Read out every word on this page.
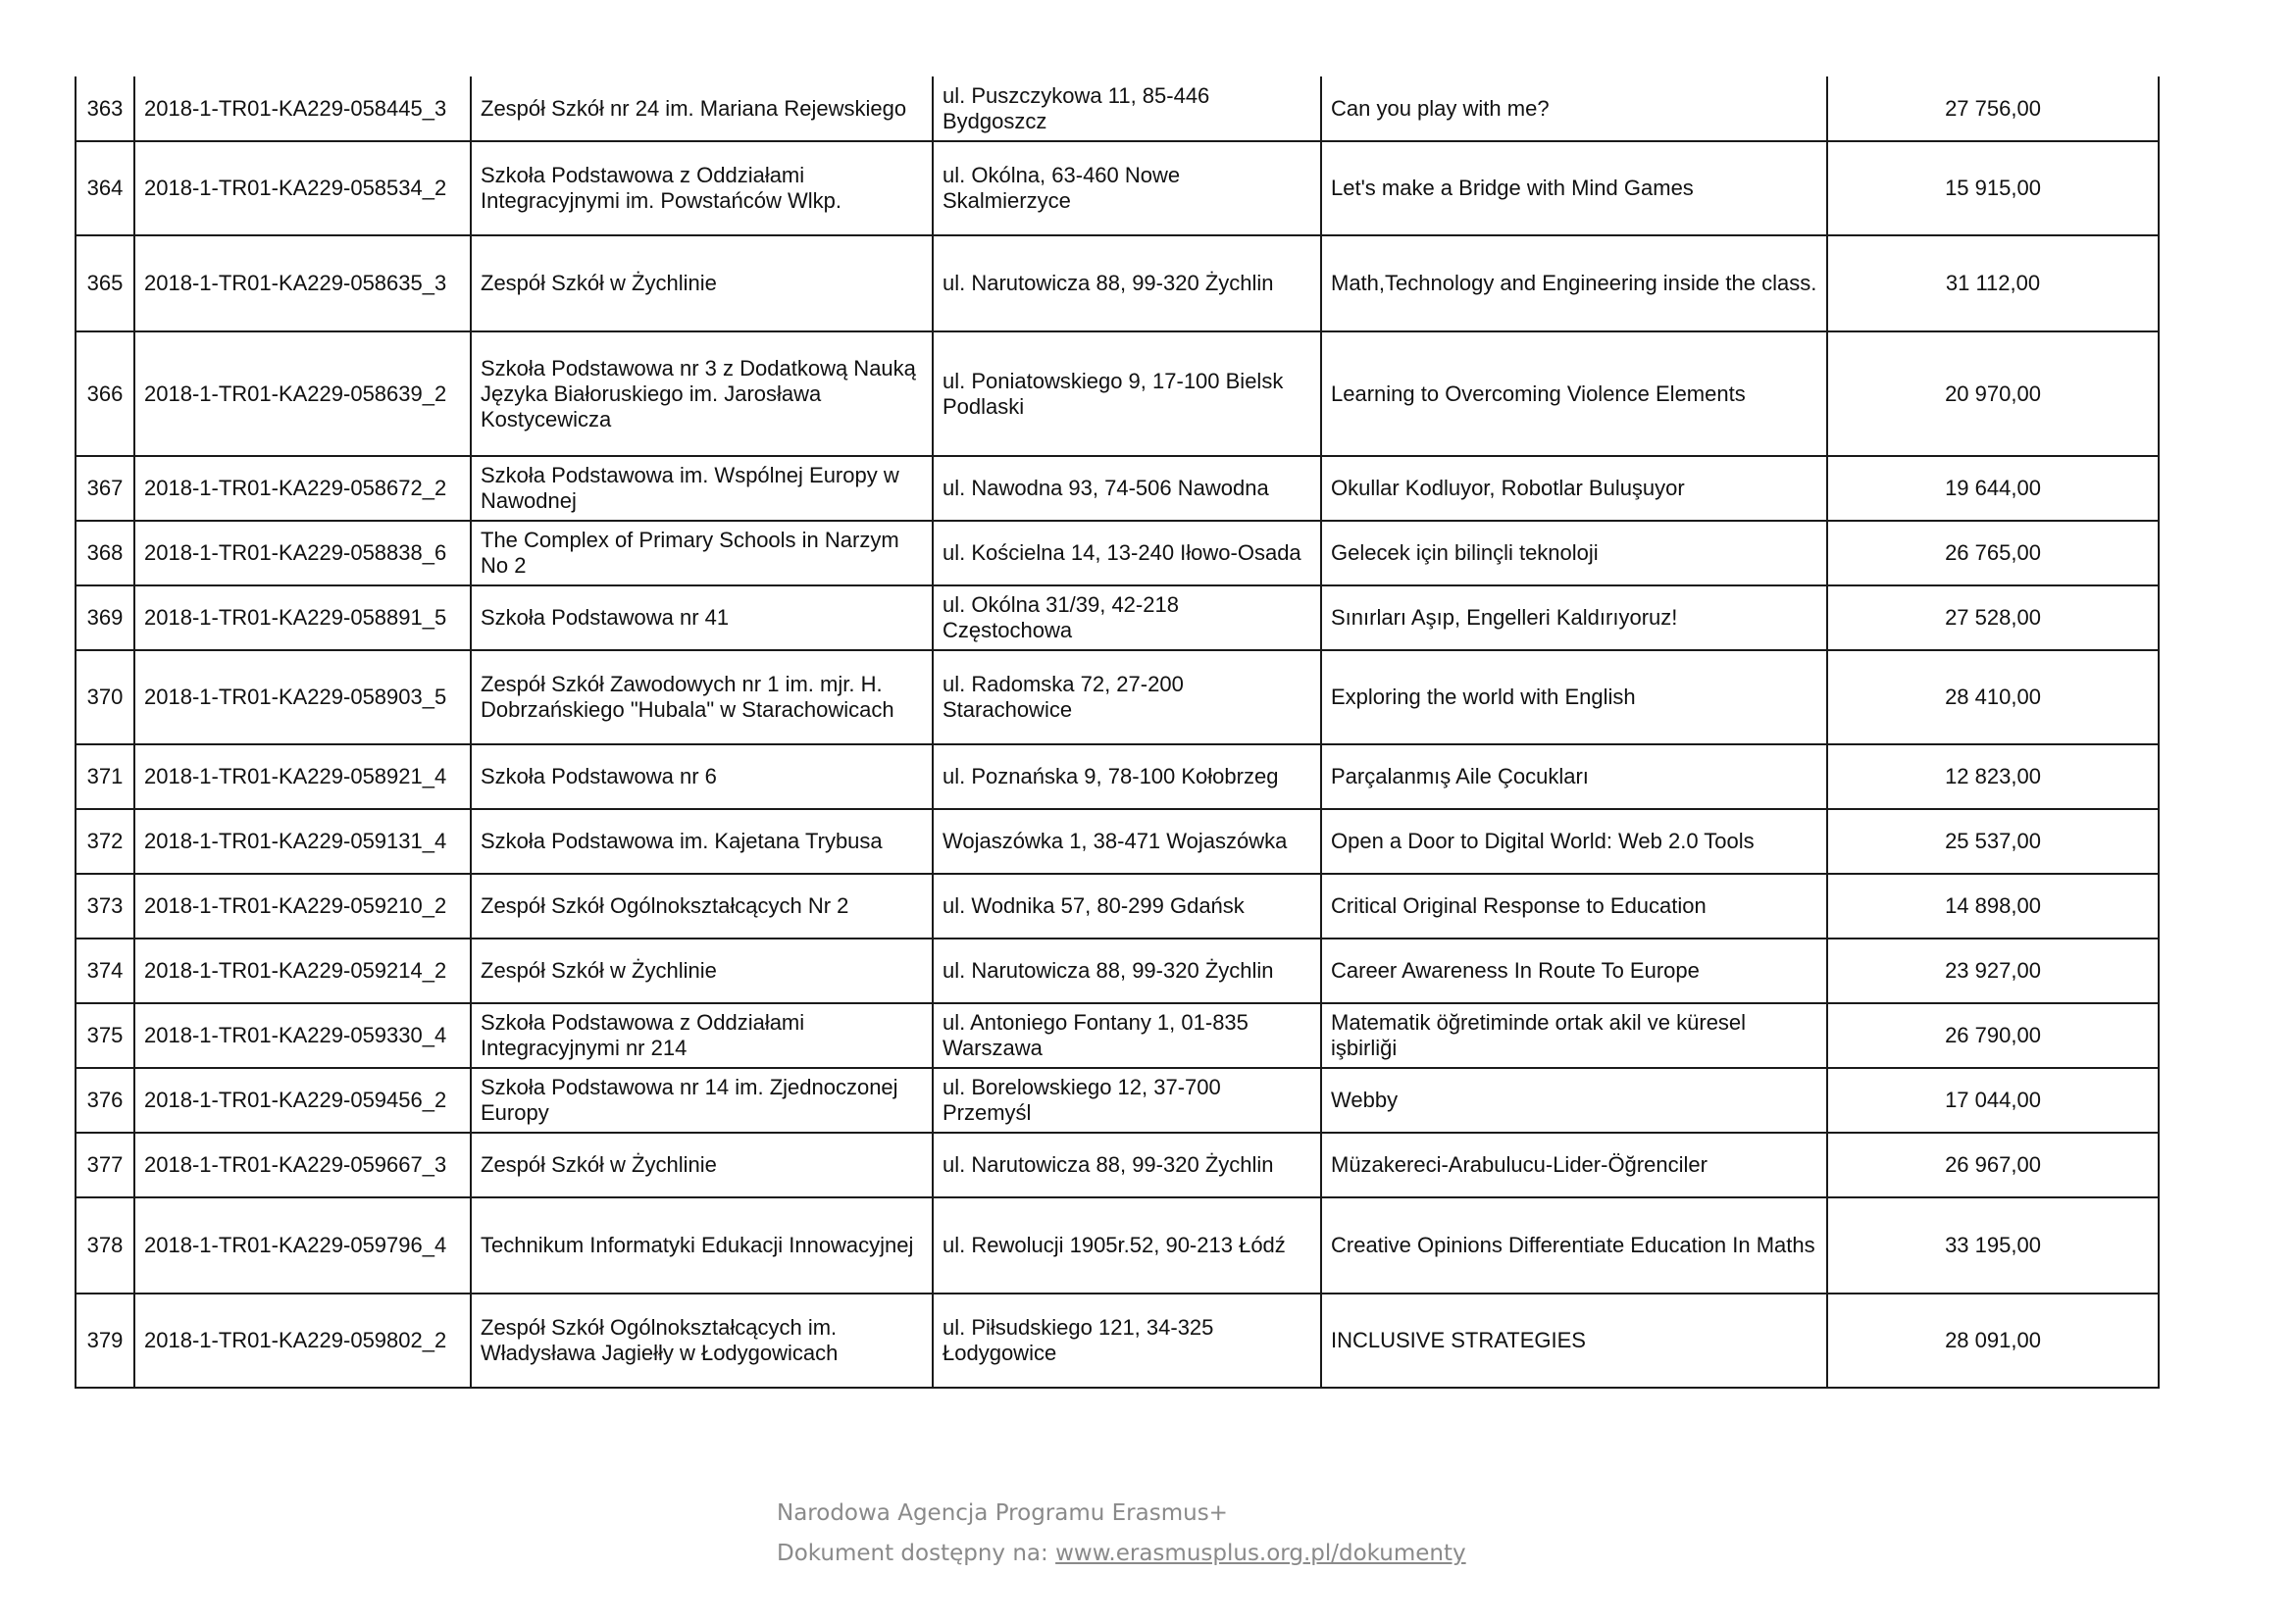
363	2018-1-TR01-KA229-058445_3	Zespół Szkół nr 24 im. Mariana Rejewskiego	ul. Puszczykowa 11, 85-446 Bydgoszcz	Can you play with me?	27 756,00
364	2018-1-TR01-KA229-058534_2	Szkoła Podstawowa z Oddziałami Integracyjnymi im. Powstańców Wlkp.	ul. Okólna, 63-460 Nowe Skalmierzyce	Let's make a Bridge with Mind Games	15 915,00
365	2018-1-TR01-KA229-058635_3	Zespół Szkół w Żychlinie	ul. Narutowicza 88, 99-320 Żychlin	Math,Technology and Engineering inside the class.	31 112,00
366	2018-1-TR01-KA229-058639_2	Szkoła Podstawowa nr 3 z Dodatkową Nauką Języka Białoruskiego im. Jarosława Kostycewicza	ul. Poniatowskiego 9, 17-100 Bielsk Podlaski	Learning to Overcoming Violence Elements	20 970,00
367	2018-1-TR01-KA229-058672_2	Szkoła Podstawowa im. Wspólnej Europy w Nawodnej	ul. Nawodna 93, 74-506 Nawodna	Okullar Kodluyor, Robotlar Buluşuyor	19 644,00
368	2018-1-TR01-KA229-058838_6	The Complex of Primary Schools in Narzym No 2	ul. Kościelna 14, 13-240 Iłowo-Osada	Gelecek için bilinçli teknoloji	26 765,00
369	2018-1-TR01-KA229-058891_5	Szkoła Podstawowa nr 41	ul. Okólna 31/39, 42-218 Częstochowa	Sınırları Aşıp, Engelleri Kaldırıyoruz!	27 528,00
370	2018-1-TR01-KA229-058903_5	Zespół Szkół Zawodowych nr 1 im. mjr. H. Dobrzańskiego "Hubala" w Starachowicach	ul. Radomska 72, 27-200 Starachowice	Exploring the world with English	28 410,00
371	2018-1-TR01-KA229-058921_4	Szkoła Podstawowa nr 6	ul. Poznańska 9, 78-100 Kołobrzeg	Parçalanmış Aile Çocukları	12 823,00
372	2018-1-TR01-KA229-059131_4	Szkoła Podstawowa im. Kajetana Trybusa	Wojaszówka 1, 38-471 Wojaszówka	Open a Door to Digital World: Web 2.0 Tools	25 537,00
373	2018-1-TR01-KA229-059210_2	Zespół Szkół Ogólnokształcących Nr 2	ul. Wodnika 57, 80-299 Gdańsk	Critical Original Response to Education	14 898,00
374	2018-1-TR01-KA229-059214_2	Zespół Szkół w Żychlinie	ul. Narutowicza 88, 99-320 Żychlin	Career Awareness In Route To Europe	23 927,00
375	2018-1-TR01-KA229-059330_4	Szkoła Podstawowa z Oddziałami Integracyjnymi nr 214	ul. Antoniego Fontany 1, 01-835 Warszawa	Matematik öğretiminde ortak akil ve küresel işbirliği	26 790,00
376	2018-1-TR01-KA229-059456_2	Szkoła Podstawowa nr 14 im. Zjednoczonej Europy	ul. Borelowskiego 12, 37-700 Przemyśl	Webby	17 044,00
377	2018-1-TR01-KA229-059667_3	Zespół Szkół w Żychlinie	ul. Narutowicza 88, 99-320 Żychlin	Müzakereci-Arabulucu-Lider-Öğrenciler	26 967,00
378	2018-1-TR01-KA229-059796_4	Technikum Informatyki Edukacji Innowacyjnej	ul. Rewolucji 1905r.52, 90-213 Łódź	Creative Opinions Differentiate Education In Maths	33 195,00
379	2018-1-TR01-KA229-059802_2	Zespół Szkół Ogólnokształcących im. Władysława Jagiełły w Łodygowicach	ul. Piłsudskiego 121, 34-325 Łodygowice	INCLUSIVE STRATEGIES	28 091,00
Narodowa Agencja Programu Erasmus+
Dokument dostępny na: www.erasmusplus.org.pl/dokumenty
